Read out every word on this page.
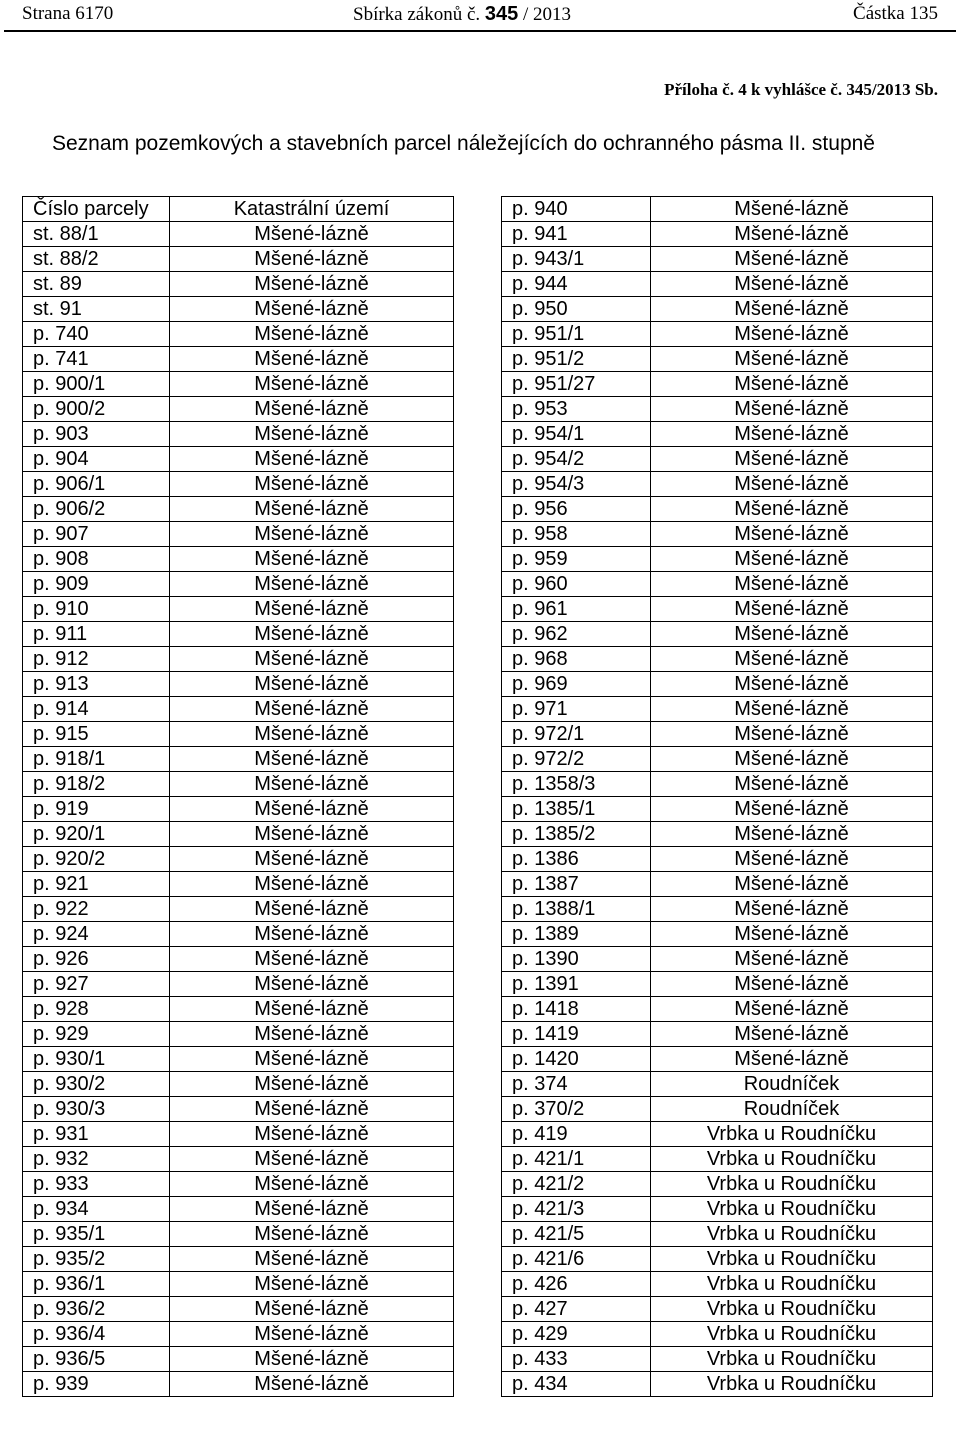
Strana 6170	Sbírka zákonů č. 345 / 2013	Částka 135
Příloha č. 4 k vyhlášce č. 345/2013 Sb.
Seznam pozemkových a stavebních parcel náležejících do ochranného pásma II. stupně
Číslo parcely	Katastrální území
st. 88/1	Mšené-lázně
st. 88/2	Mšené-lázně
st. 89	Mšené-lázně
st. 91	Mšené-lázně
p. 740	Mšené-lázně
p. 741	Mšené-lázně
p. 900/1	Mšené-lázně
p. 900/2	Mšené-lázně
p. 903	Mšené-lázně
p. 904	Mšené-lázně
p. 906/1	Mšené-lázně
p. 906/2	Mšené-lázně
p. 907	Mšené-lázně
p. 908	Mšené-lázně
p. 909	Mšené-lázně
p. 910	Mšené-lázně
p. 911	Mšené-lázně
p. 912	Mšené-lázně
p. 913	Mšené-lázně
p. 914	Mšené-lázně
p. 915	Mšené-lázně
p. 918/1	Mšené-lázně
p. 918/2	Mšené-lázně
p. 919	Mšené-lázně
p. 920/1	Mšené-lázně
p. 920/2	Mšené-lázně
p. 921	Mšené-lázně
p. 922	Mšené-lázně
p. 924	Mšené-lázně
p. 926	Mšené-lázně
p. 927	Mšené-lázně
p. 928	Mšené-lázně
p. 929	Mšené-lázně
p. 930/1	Mšené-lázně
p. 930/2	Mšené-lázně
p. 930/3	Mšené-lázně
p. 931	Mšené-lázně
p. 932	Mšené-lázně
p. 933	Mšené-lázně
p. 934	Mšené-lázně
p. 935/1	Mšené-lázně
p. 935/2	Mšené-lázně
p. 936/1	Mšené-lázně
p. 936/2	Mšené-lázně
p. 936/4	Mšené-lázně
p. 936/5	Mšené-lázně
p. 939	Mšené-lázně
p. 940	Mšené-lázně
p. 941	Mšené-lázně
p. 943/1	Mšené-lázně
p. 944	Mšené-lázně
p. 950	Mšené-lázně
p. 951/1	Mšené-lázně
p. 951/2	Mšené-lázně
p. 951/27	Mšené-lázně
p. 953	Mšené-lázně
p. 954/1	Mšené-lázně
p. 954/2	Mšené-lázně
p. 954/3	Mšené-lázně
p. 956	Mšené-lázně
p. 958	Mšené-lázně
p. 959	Mšené-lázně
p. 960	Mšené-lázně
p. 961	Mšené-lázně
p. 962	Mšené-lázně
p. 968	Mšené-lázně
p. 969	Mšené-lázně
p. 971	Mšené-lázně
p. 972/1	Mšené-lázně
p. 972/2	Mšené-lázně
p. 1358/3	Mšené-lázně
p. 1385/1	Mšené-lázně
p. 1385/2	Mšené-lázně
p. 1386	Mšené-lázně
p. 1387	Mšené-lázně
p. 1388/1	Mšené-lázně
p. 1389	Mšené-lázně
p. 1390	Mšené-lázně
p. 1391	Mšené-lázně
p. 1418	Mšené-lázně
p. 1419	Mšené-lázně
p. 1420	Mšené-lázně
p. 374	Roudníček
p. 370/2	Roudníček
p. 419	Vrbka u Roudníčku
p. 421/1	Vrbka u Roudníčku
p. 421/2	Vrbka u Roudníčku
p. 421/3	Vrbka u Roudníčku
p. 421/5	Vrbka u Roudníčku
p. 421/6	Vrbka u Roudníčku
p. 426	Vrbka u Roudníčku
p. 427	Vrbka u Roudníčku
p. 429	Vrbka u Roudníčku
p. 433	Vrbka u Roudníčku
p. 434	Vrbka u Roudníčku
